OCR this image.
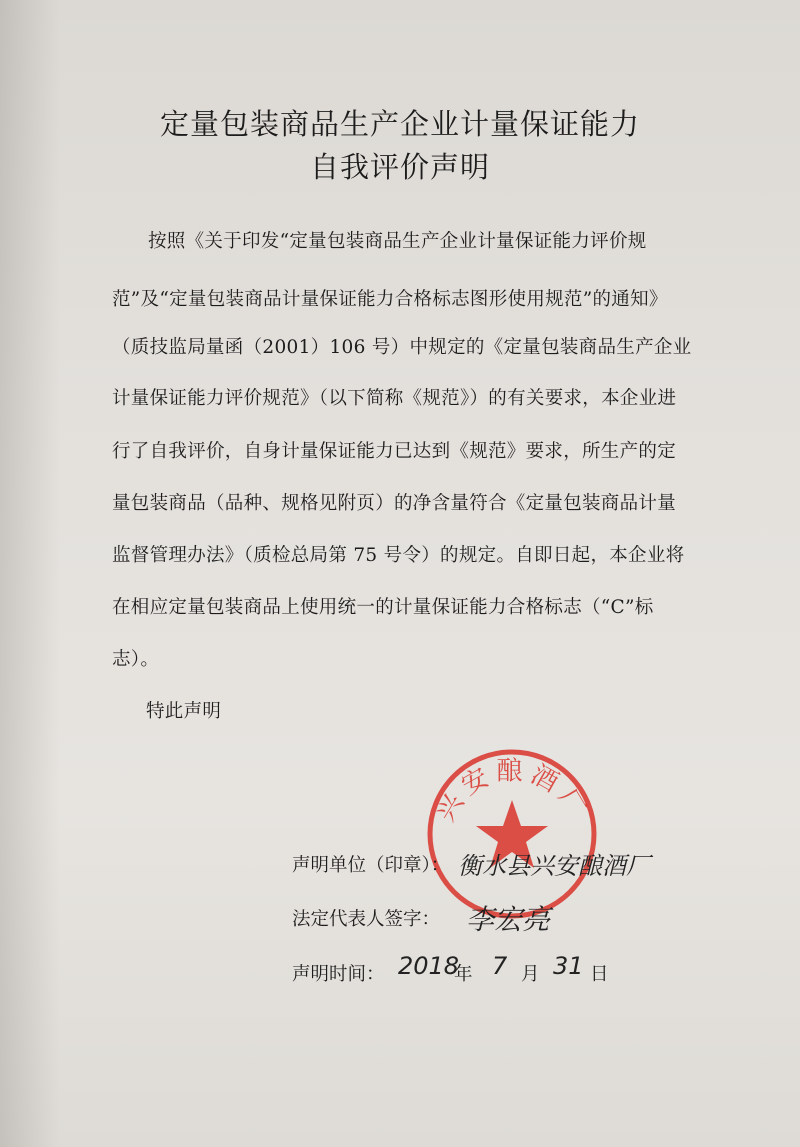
定量包装商品生产企业计量保证能力
自我评价声明
按照《关于印发“定量包装商品生产企业计量保证能力评价规
范”及“定量包装商品计量保证能力合格标志图形使用规范”的通知》
（质技监局量函（2001）106 号）中规定的《定量包装商品生产企业
计量保证能力评价规范》（以下简称《规范》）的有关要求，本企业进
行了自我评价，自身计量保证能力已达到《规范》要求，所生产的定
量包装商品（品种、规格见附页）的净含量符合《定量包装商品计量
监督管理办法》（质检总局第 75 号令）的规定。自即日起，本企业将
在相应定量包装商品上使用统一的计量保证能力合格标志（“C”标
志）。
特此声明
兴安酿酒厂
声明单位（印章）： 衡水县兴安酿酒厂
法定代表人签字： 李宏亮
声明时间： 2018
年 7 月 31 日
